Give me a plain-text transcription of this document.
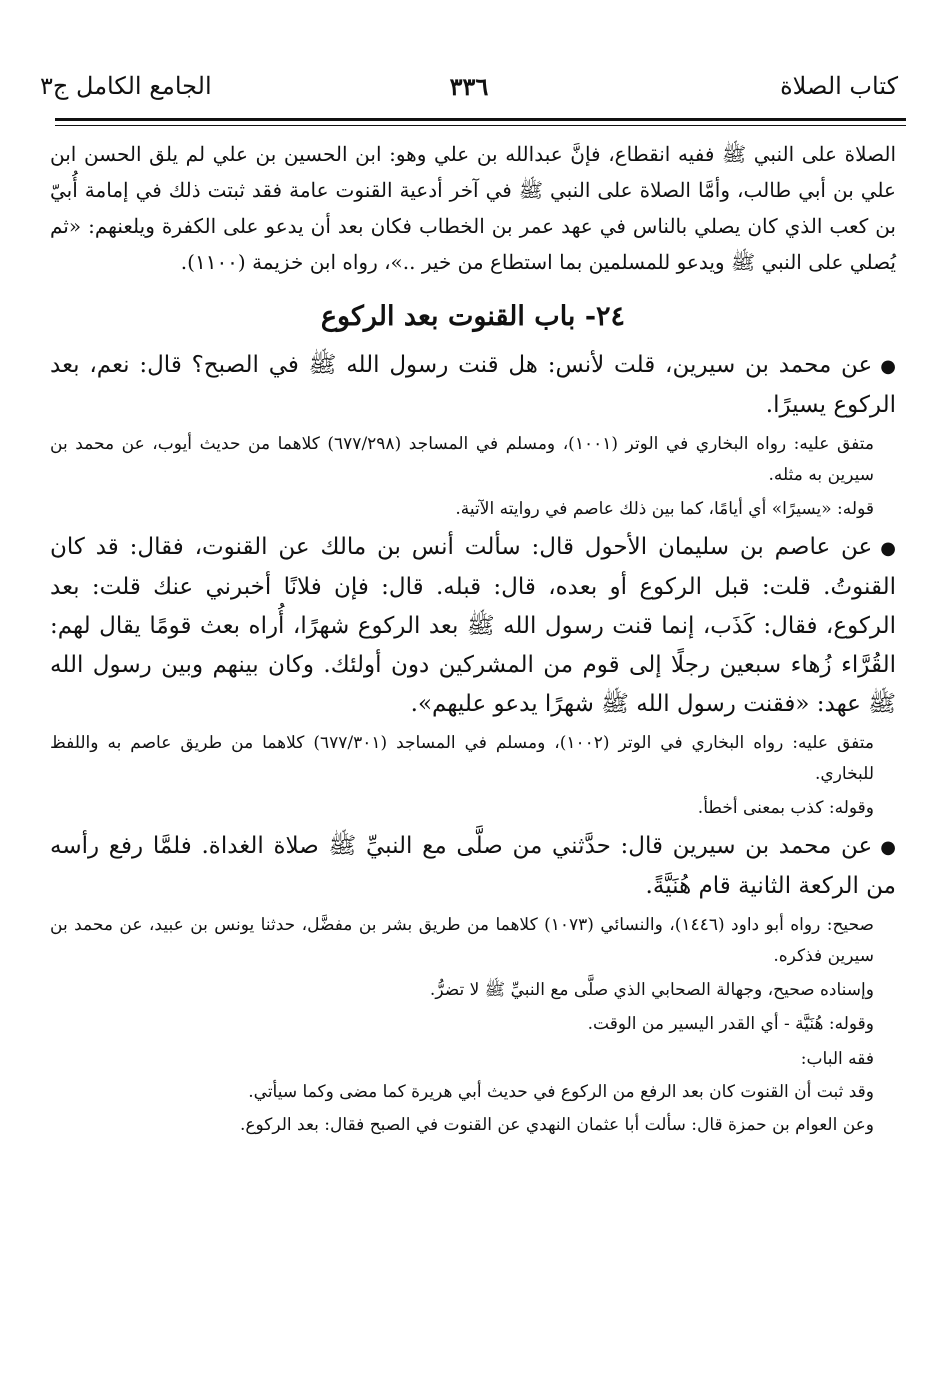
كتاب الصلاة
٣٣٦
الجامع الكامل ج٣

الصلاة على النبي ﷺ ففيه انقطاع، فإنَّ عبدالله بن علي وهو: ابن الحسين بن علي لم يلق الحسن ابن علي بن أبي طالب، وأمَّا الصلاة على النبي ﷺ في آخر أدعية القنوت عامة فقد ثبتت ذلك في إمامة أُبيّ بن كعب الذي كان يصلي بالناس في عهد عمر بن الخطاب فكان بعد أن يدعو على الكفرة ويلعنهم: «ثم يُصلي على النبي ﷺ ويدعو للمسلمين بما استطاع من خير ..»، رواه ابن خزيمة (١١٠٠).

٢٤- باب القنوت بعد الركوع

●عن محمد بن سيرين، قلت لأنس: هل قنت رسول الله ﷺ في الصبح؟ قال: نعم، بعد الركوع يسيرًا.

متفق عليه: رواه البخاري في الوتر (١٠٠١)، ومسلم في المساجد (٦٧٧/٢٩٨) كلاهما من حديث أيوب، عن محمد بن سيرين به مثله.

قوله: «يسيرًا» أي أيامًا، كما بين ذلك عاصم في روايته الآتية.

●عن عاصم بن سليمان الأحول قال: سألت أنس بن مالك عن القنوت، فقال: قد كان القنوتُ. قلت: قبل الركوع أو بعده، قال: قبله. قال: فإن فلانًا أخبرني عنك قلت: بعد الركوع، فقال: كَذَب، إنما قنت رسول الله ﷺ بعد الركوع شهرًا، أُراه بعث قومًا يقال لهم: القُرَّاء زُهاء سبعين رجلًا إلى قوم من المشركين دون أولئك. وكان بينهم وبين رسول الله ﷺ عهد: «فقنت رسول الله ﷺ شهرًا يدعو عليهم».

متفق عليه: رواه البخاري في الوتر (١٠٠٢)، ومسلم في المساجد (٦٧٧/٣٠١) كلاهما من طريق عاصم به واللفظ للبخاري.

وقوله: كذب بمعنى أخطأ.

●عن محمد بن سيرين قال: حدَّثني من صلَّى مع النبيِّ ﷺ صلاة الغداة. فلمَّا رفع رأسه من الركعة الثانية قام هُنَيَّةً.

صحيح: رواه أبو داود (١٤٤٦)، والنسائي (١٠٧٣) كلاهما من طريق بشر بن مفضَّل، حدثنا يونس بن عبيد، عن محمد بن سيرين فذكره.

وإسناده صحيح، وجهالة الصحابي الذي صلَّى مع النبيِّ ﷺ لا تضرُّ.

وقوله: هُنَيَّة - أي القدر اليسير من الوقت.

فقه الباب:

وقد ثبت أن القنوت كان بعد الرفع من الركوع في حديث أبي هريرة كما مضى وكما سيأتي.

وعن العوام بن حمزة قال: سألت أبا عثمان النهدي عن القنوت في الصبح فقال: بعد الركوع.
